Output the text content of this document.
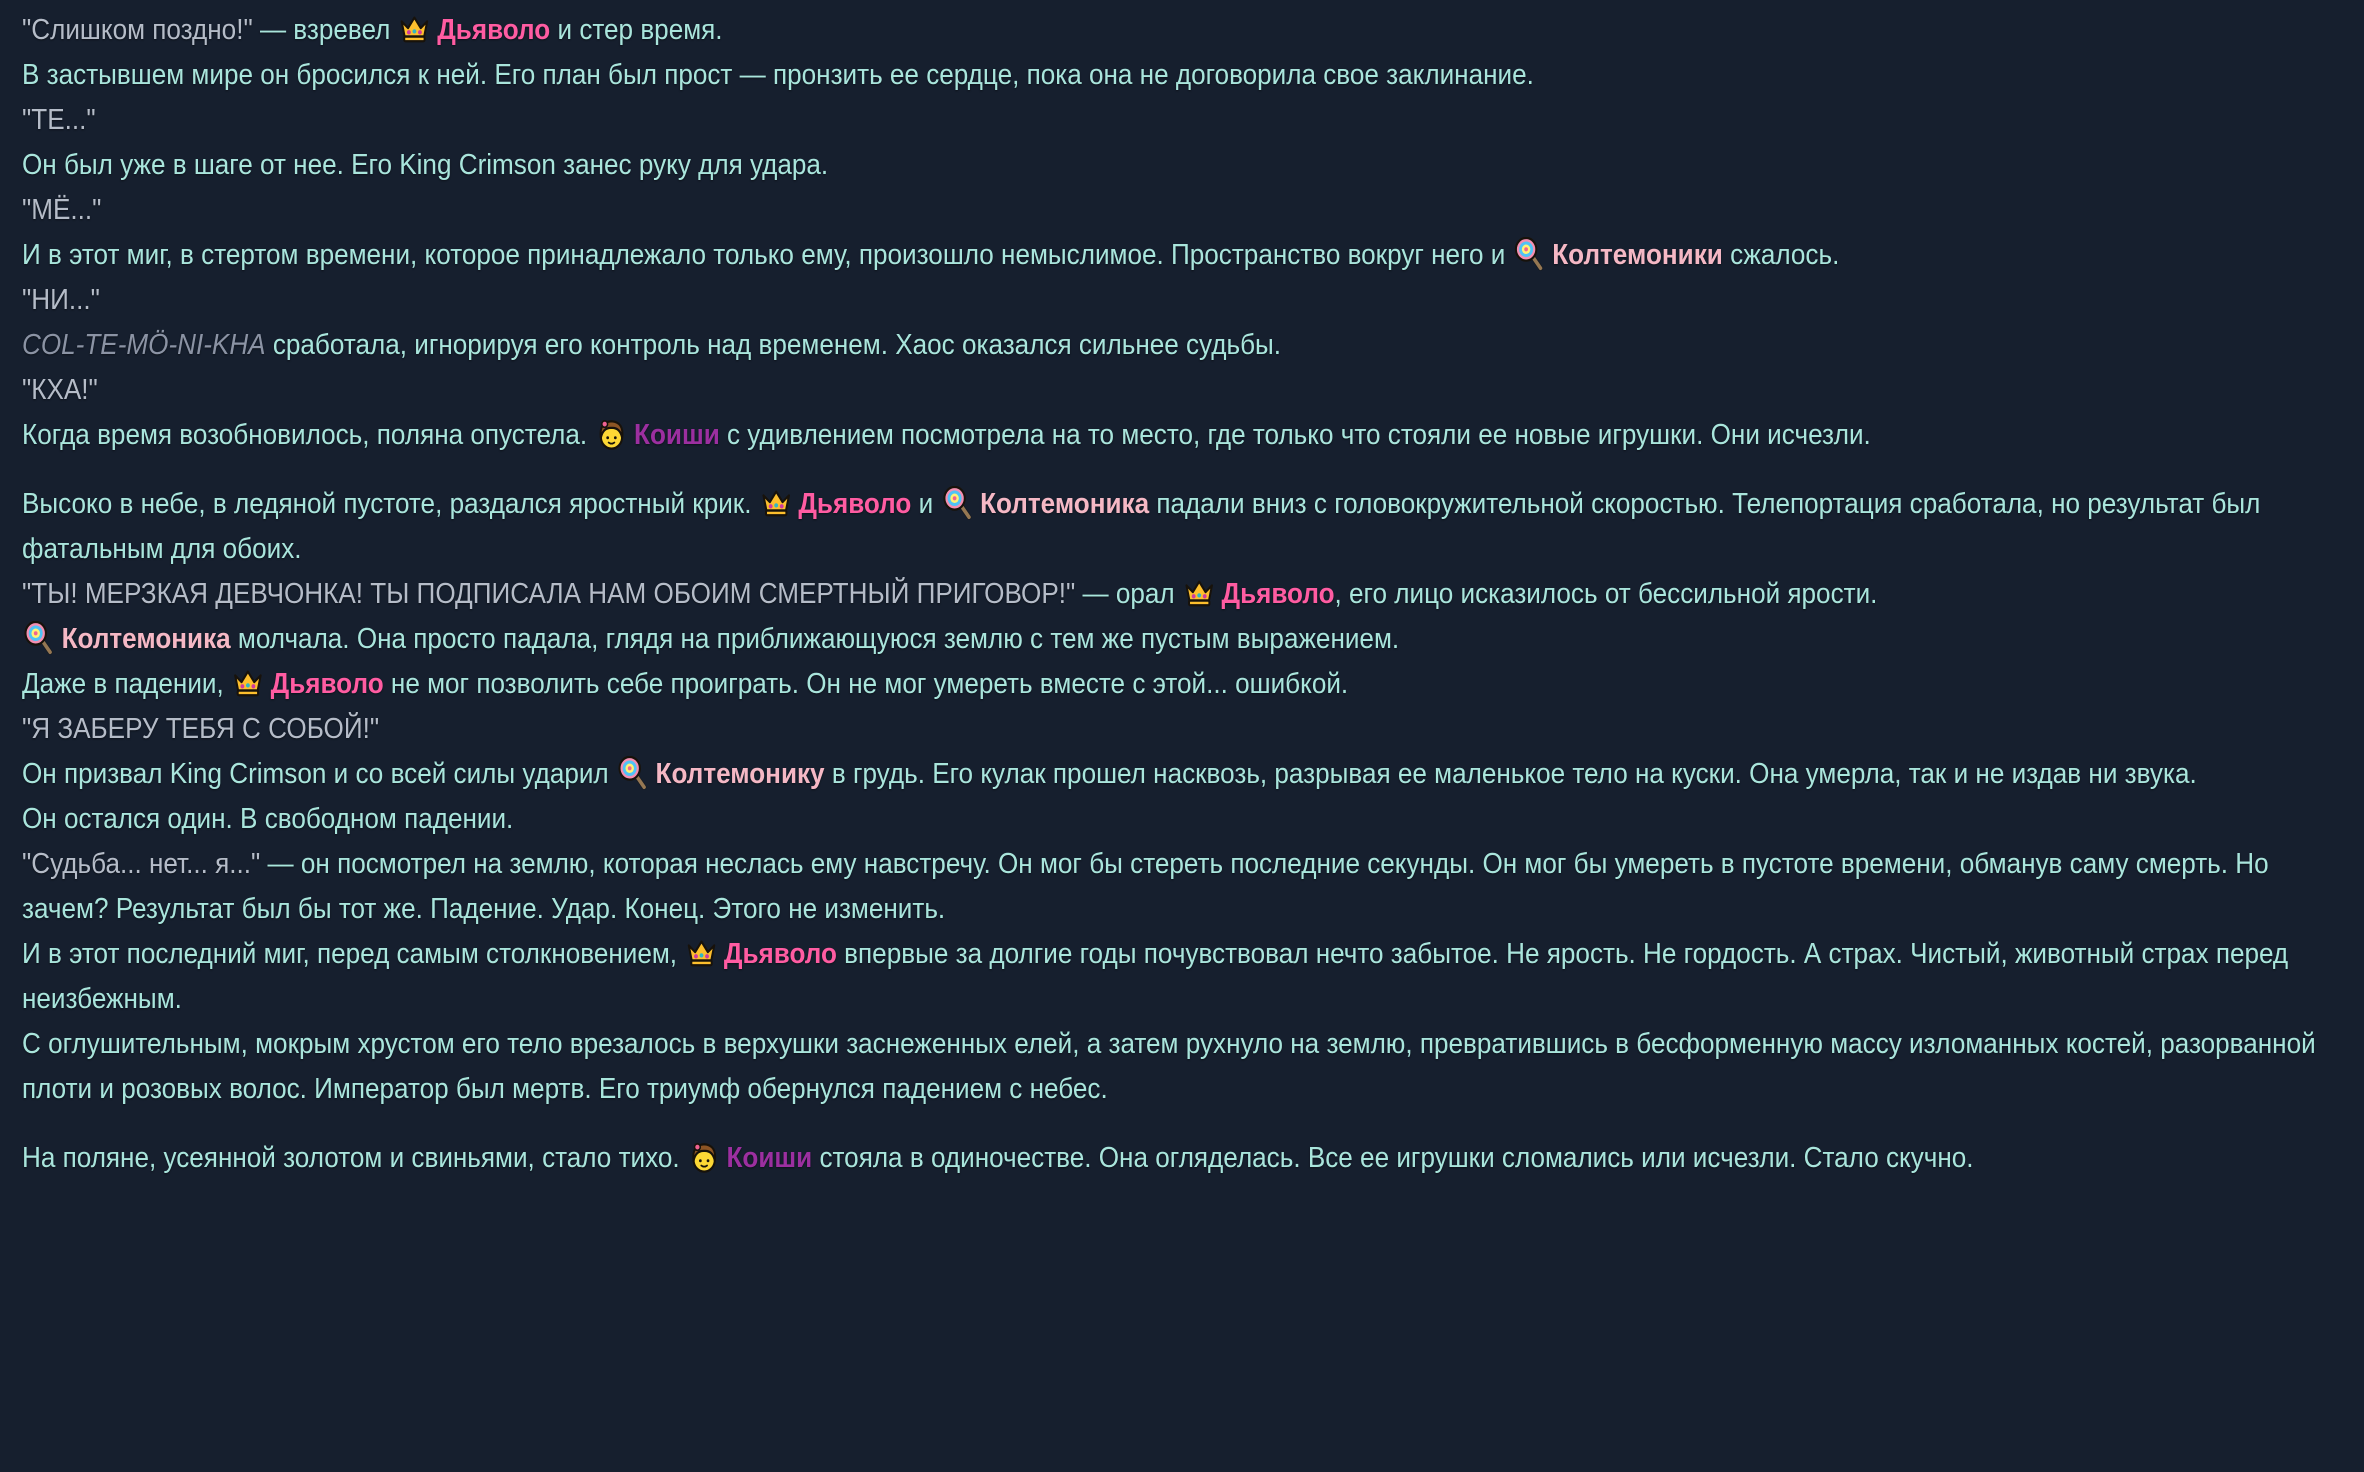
"Слишком поздно!" — взревел
Дьяволо и стер время.
В застывшем мире он бросился к ней. Его план был прост — пронзить ее сердце, пока она не договорила свое заклинание.
"ТЕ..."
Он был уже в шаге от нее. Его King Crimson занес руку для удара.
"МЁ..."
И в этот миг, в стертом времени, которое принадлежало только ему, произошло немыслимое. Пространство вокруг него и
Колтемоники сжалось.
"НИ..."
COL-TE-MÖ-NI-KHA сработала, игнорируя его контроль над временем. Хаос оказался сильнее судьбы.
"КХА!"
Когда время возобновилось, поляна опустела.
Коиши с удивлением посмотрела на то место, где только что стояли ее новые игрушки. Они исчезли.
Высоко в небе, в ледяной пустоте, раздался яростный крик.
Дьяволо и
Колтемоника падали вниз с головокружительной скоростью. Телепортация сработала, но результат был фатальным для обоих.
"ТЫ! МЕРЗКАЯ ДЕВЧОНКА! ТЫ ПОДПИСАЛА НАМ ОБОИМ СМЕРТНЫЙ ПРИГОВОР!" — орал
Дьяволо, его лицо исказилось от бессильной ярости.
Колтемоника молчала. Она просто падала, глядя на приближающуюся землю с тем же пустым выражением.
Даже в падении,
Дьяволо не мог позволить себе проиграть. Он не мог умереть вместе с этой... ошибкой.
"Я ЗАБЕРУ ТЕБЯ С СОБОЙ!"
Он призвал King Crimson и со всей силы ударил
Колтемонику в грудь. Его кулак прошел насквозь, разрывая ее маленькое тело на куски. Она умерла, так и не издав ни звука.
Он остался один. В свободном падении.
"Судьба... нет... я..." — он посмотрел на землю, которая неслась ему навстречу. Он мог бы стереть последние секунды. Он мог бы умереть в пустоте времени, обманув саму смерть. Но зачем? Результат был бы тот же. Падение. Удар. Конец. Этого не изменить.
И в этот последний миг, перед самым столкновением,
Дьяволо впервые за долгие годы почувствовал нечто забытое. Не ярость. Не гордость. А страх. Чистый, животный страх перед неизбежным.
С оглушительным, мокрым хрустом его тело врезалось в верхушки заснеженных елей, а затем рухнуло на землю, превратившись в бесформенную массу изломанных костей, разорванной плоти и розовых волос. Император был мертв. Его триумф обернулся падением с небес.
На поляне, усеянной золотом и свиньями, стало тихо.
Коиши стояла в одиночестве. Она огляделась. Все ее игрушки сломались или исчезли. Стало скучно.
